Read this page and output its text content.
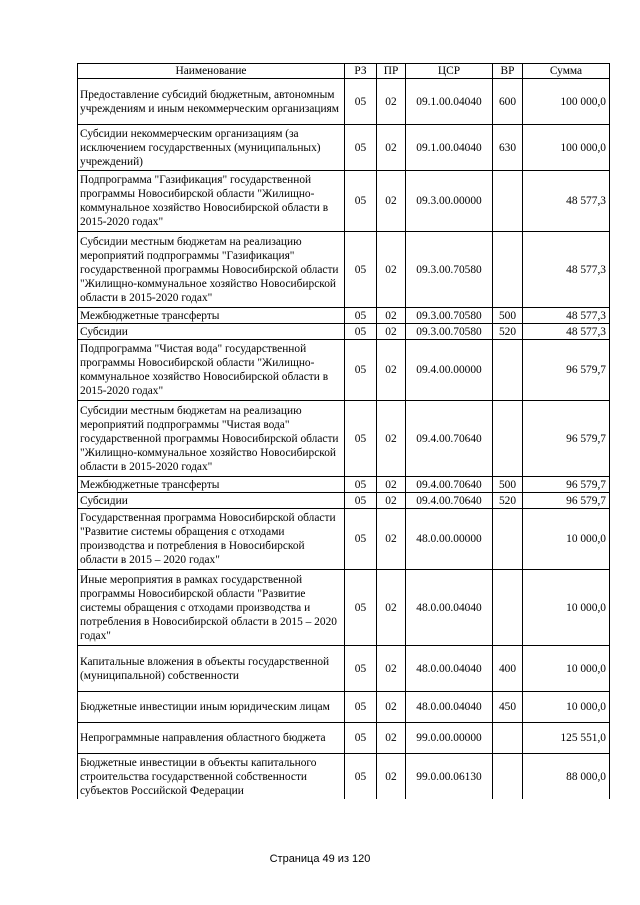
Наименование	РЗ	ПР	ЦСР	ВР	Сумма
Предоставление субсидий бюджетным, автономным учреждениям и иным некоммерческим организациям	05	02	09.1.00.04040	600	100 000,0
Субсидии некоммерческим организациям (за исключением государственных (муниципальных) учреждений)	05	02	09.1.00.04040	630	100 000,0
Подпрограмма "Газификация" государственной программы Новосибирской области "Жилищно-коммунальное хозяйство Новосибирской области в 2015-2020 годах"	05	02	09.3.00.00000		48 577,3
Субсидии местным бюджетам на реализацию мероприятий подпрограммы "Газификация" государственной программы Новосибирской области "Жилищно-коммунальное хозяйство Новосибирской области в 2015-2020 годах"	05	02	09.3.00.70580		48 577,3
Межбюджетные трансферты	05	02	09.3.00.70580	500	48 577,3
Субсидии	05	02	09.3.00.70580	520	48 577,3
Подпрограмма "Чистая вода" государственной программы Новосибирской области "Жилищно-коммунальное хозяйство Новосибирской области в 2015-2020 годах"	05	02	09.4.00.00000		96 579,7
Субсидии местным бюджетам на реализацию мероприятий подпрограммы "Чистая вода" государственной программы Новосибирской области "Жилищно-коммунальное хозяйство Новосибирской области в 2015-2020 годах"	05	02	09.4.00.70640		96 579,7
Межбюджетные трансферты	05	02	09.4.00.70640	500	96 579,7
Субсидии	05	02	09.4.00.70640	520	96 579,7
Государственная программа Новосибирской области "Развитие системы обращения с отходами производства и потребления в Новосибирской области в 2015 – 2020 годах"	05	02	48.0.00.00000		10 000,0
Иные мероприятия в рамках государственной программы Новосибирской области "Развитие системы обращения с отходами производства и потребления в Новосибирской области в 2015 – 2020 годах"	05	02	48.0.00.04040		10 000,0
Капитальные вложения в объекты государственной (муниципальной) собственности	05	02	48.0.00.04040	400	10 000,0
Бюджетные инвестиции иным юридическим лицам	05	02	48.0.00.04040	450	10 000,0
Непрограммные направления областного бюджета	05	02	99.0.00.00000		125 551,0
Бюджетные инвестиции в объекты капитального строительства государственной собственности субъектов Российской Федерации	05	02	99.0.00.06130		88 000,0
Страница 49 из 120
